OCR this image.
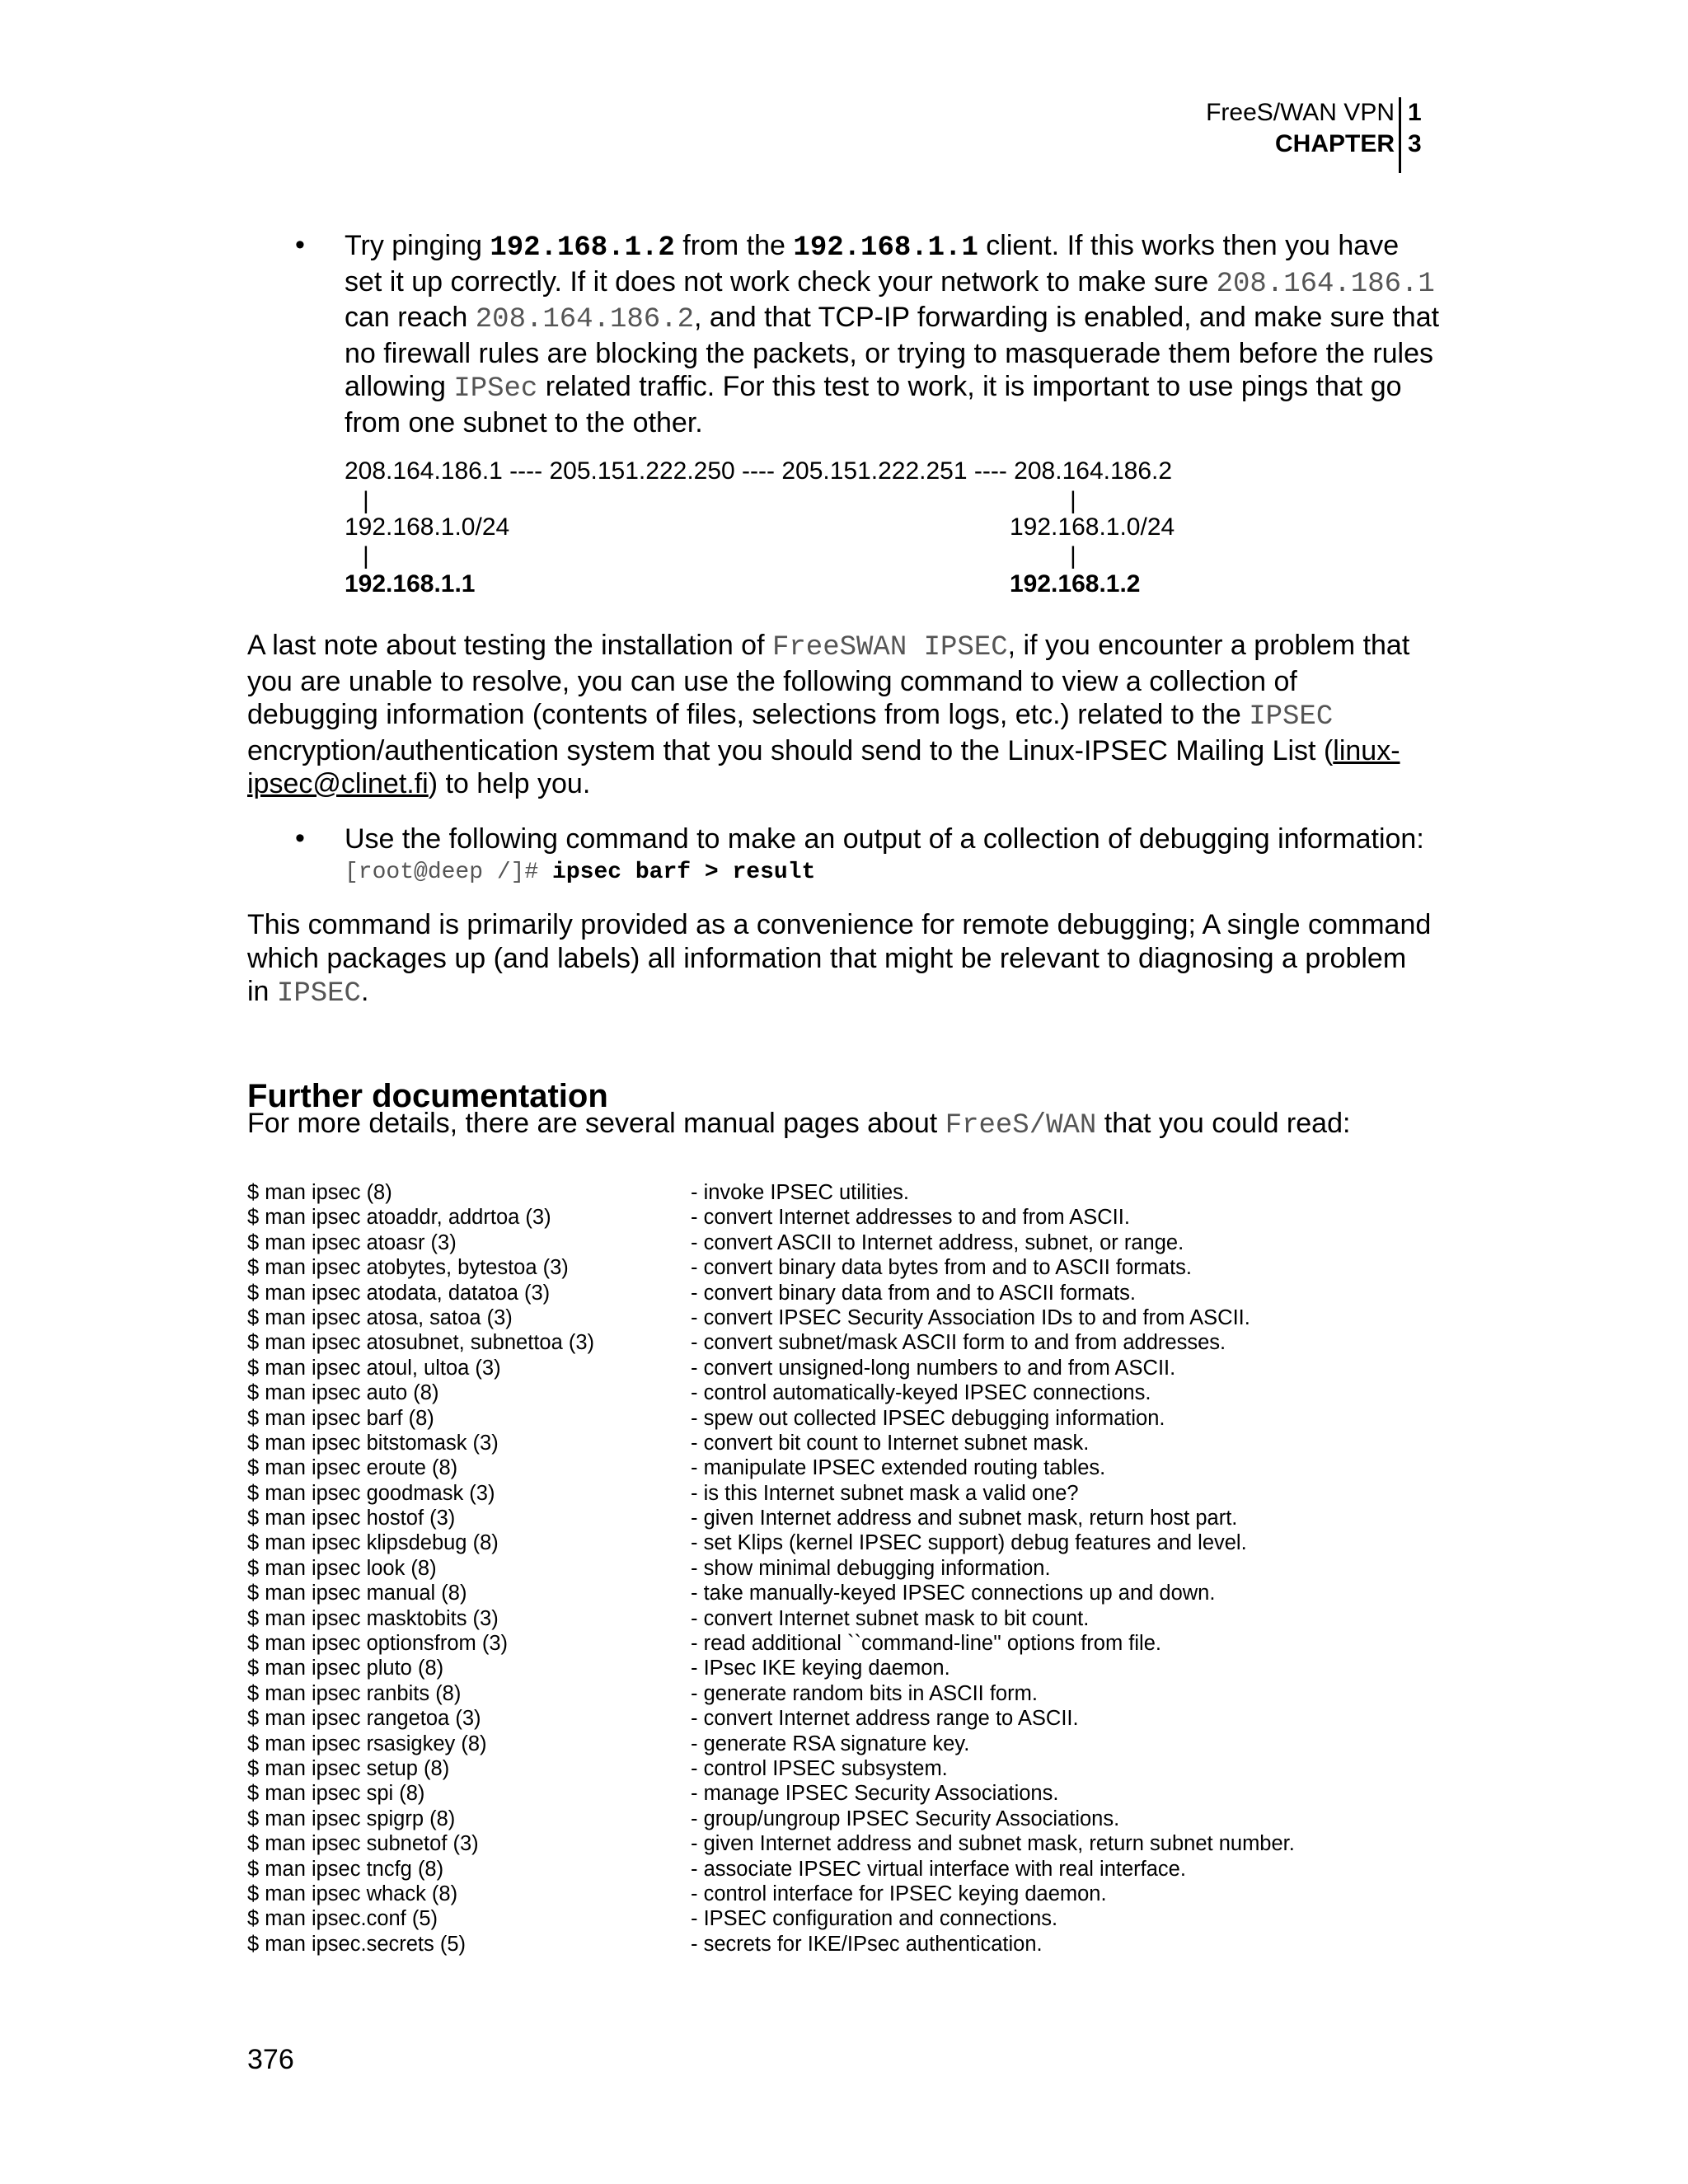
FreeS/WAN VPN
CHAPTER
1
3
• Try pinging 192.168.1.2 from the 192.168.1.1 client. If this works then you have set it up correctly. If it does not work check your network to make sure 208.164.186.1 can reach 208.164.186.2, and that TCP-IP forwarding is enabled, and make sure that no firewall rules are blocking the packets, or trying to masquerade them before the rules allowing IPSec related traffic. For this test to work, it is important to use pings that go from one subnet to the other.
208.164.186.1 ---- 205.151.222.250 ---- 205.151.222.251 ---- 208.164.186.2
|	|
192.168.1.0/24	192.168.1.0/24
|	|
192.168.1.1	192.168.1.2
A last note about testing the installation of FreeSWAN IPSEC, if you encounter a problem that you are unable to resolve, you can use the following command to view a collection of debugging information (contents of files, selections from logs, etc.) related to the IPSEC encryption/authentication system that you should send to the Linux-IPSEC Mailing List (linux-ipsec@clinet.fi) to help you.
• Use the following command to make an output of a collection of debugging information:
[root@deep /]# ipsec barf > result
This command is primarily provided as a convenience for remote debugging; A single command which packages up (and labels) all information that might be relevant to diagnosing a problem in IPSEC.
Further documentation
For more details, there are several manual pages about FreeS/WAN that you could read:
$ man ipsec (8)	- invoke IPSEC utilities.
$ man ipsec atoaddr, addrtoa (3)	- convert Internet addresses to and from ASCII.
$ man ipsec atoasr (3)	- convert ASCII to Internet address, subnet, or range.
$ man ipsec atobytes, bytestoa (3)	- convert binary data bytes from and to ASCII formats.
$ man ipsec atodata, datatoa (3)	- convert binary data from and to ASCII formats.
$ man ipsec atosa, satoa (3)	- convert IPSEC Security Association IDs to and from ASCII.
$ man ipsec atosubnet, subnettoa (3)	- convert subnet/mask ASCII form to and from addresses.
$ man ipsec atoul, ultoa (3)	- convert unsigned-long numbers to and from ASCII.
$ man ipsec auto (8)	- control automatically-keyed IPSEC connections.
$ man ipsec barf (8)	- spew out collected IPSEC debugging information.
$ man ipsec bitstomask (3)	- convert bit count to Internet subnet mask.
$ man ipsec eroute (8)	- manipulate IPSEC extended routing tables.
$ man ipsec goodmask (3)	- is this Internet subnet mask a valid one?
$ man ipsec hostof (3)	- given Internet address and subnet mask, return host part.
$ man ipsec klipsdebug (8)	- set Klips (kernel IPSEC support) debug features and level.
$ man ipsec look (8)	- show minimal debugging information.
$ man ipsec manual (8)	- take manually-keyed IPSEC connections up and down.
$ man ipsec masktobits (3)	- convert Internet subnet mask to bit count.
$ man ipsec optionsfrom (3)	- read additional ``command-line'' options from file.
$ man ipsec pluto (8)	- IPsec IKE keying daemon.
$ man ipsec ranbits (8)	- generate random bits in ASCII form.
$ man ipsec rangetoa (3)	- convert Internet address range to ASCII.
$ man ipsec rsasigkey (8)	- generate RSA signature key.
$ man ipsec setup (8)	- control IPSEC subsystem.
$ man ipsec spi (8)	- manage IPSEC Security Associations.
$ man ipsec spigrp (8)	- group/ungroup IPSEC Security Associations.
$ man ipsec subnetof (3)	- given Internet address and subnet mask, return subnet number.
$ man ipsec tncfg (8)	- associate IPSEC virtual interface with real interface.
$ man ipsec whack (8)	- control interface for IPSEC keying daemon.
$ man ipsec.conf (5)	- IPSEC configuration and connections.
$ man ipsec.secrets (5)	- secrets for IKE/IPsec authentication.
376
